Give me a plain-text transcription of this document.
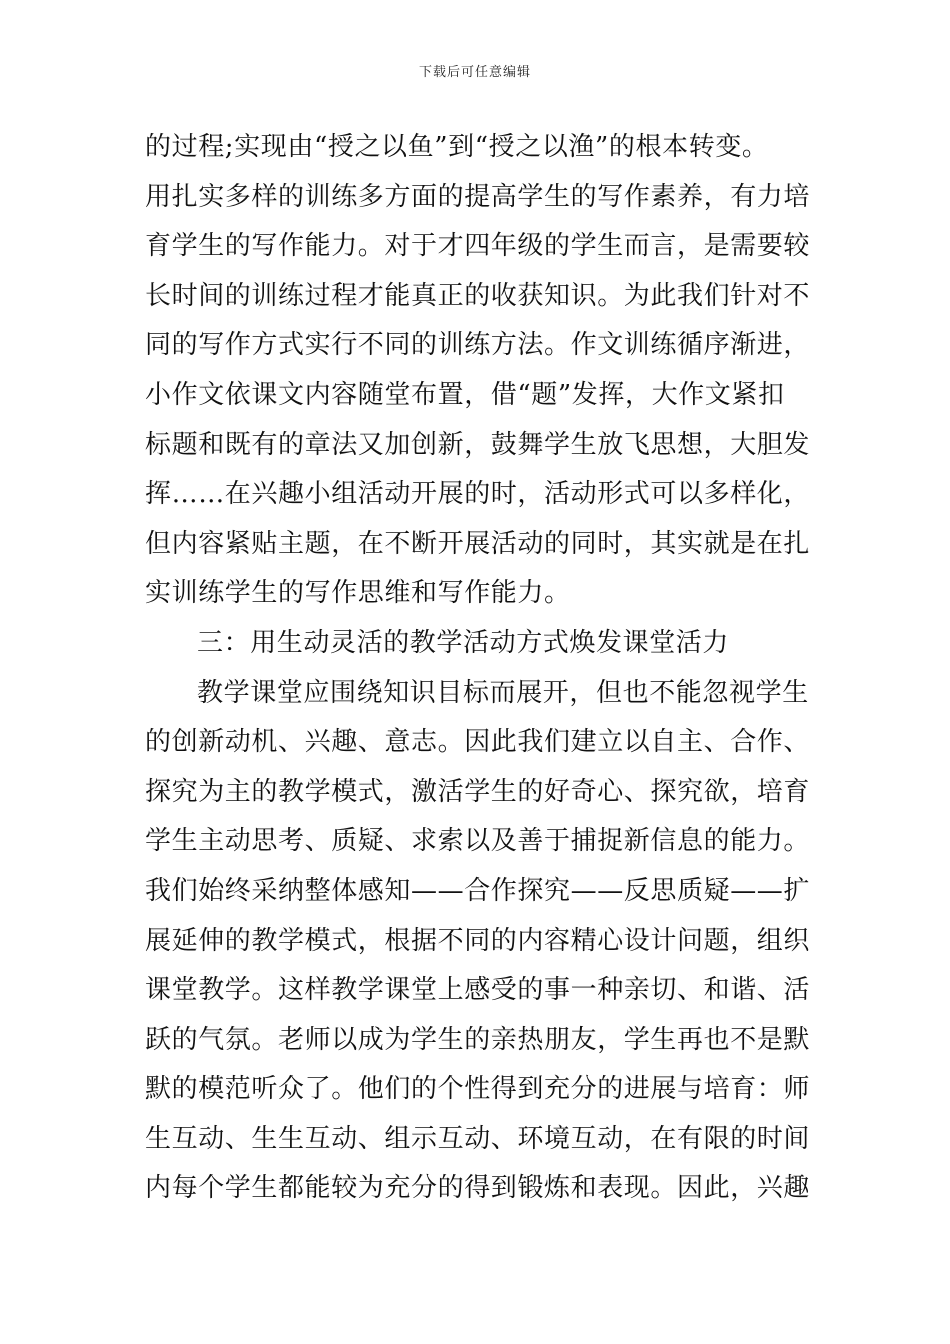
下载后可任意编辑
的过程;实现由“授之以鱼”到“授之以渔”的根本转变。
用扎实多样的训练多方面的提高学生的写作素养，有力培
育学生的写作能力。对于才四年级的学生而言，是需要较
长时间的训练过程才能真正的收获知识。为此我们针对不
同的写作方式实行不同的训练方法。作文训练循序渐进，
小作文依课文内容随堂布置，借“题”发挥，大作文紧扣
标题和既有的章法又加创新，鼓舞学生放飞思想，大胆发
挥……在兴趣小组活动开展的时，活动形式可以多样化，
但内容紧贴主题，在不断开展活动的同时，其实就是在扎
实训练学生的写作思维和写作能力。
三：用生动灵活的教学活动方式焕发课堂活力
教学课堂应围绕知识目标而展开，但也不能忽视学生
的创新动机、兴趣、意志。因此我们建立以自主、合作、
探究为主的教学模式，激活学生的好奇心、探究欲，培育
学生主动思考、质疑、求索以及善于捕捉新信息的能力。
我们始终采纳整体感知——合作探究——反思质疑——扩
展延伸的教学模式，根据不同的内容精心设计问题，组织
课堂教学。这样教学课堂上感受的事一种亲切、和谐、活
跃的气氛。老师以成为学生的亲热朋友，学生再也不是默
默的模范听众了。他们的个性得到充分的进展与培育：师
生互动、生生互动、组示互动、环境互动，在有限的时间
内每个学生都能较为充分的得到锻炼和表现。因此，兴趣
